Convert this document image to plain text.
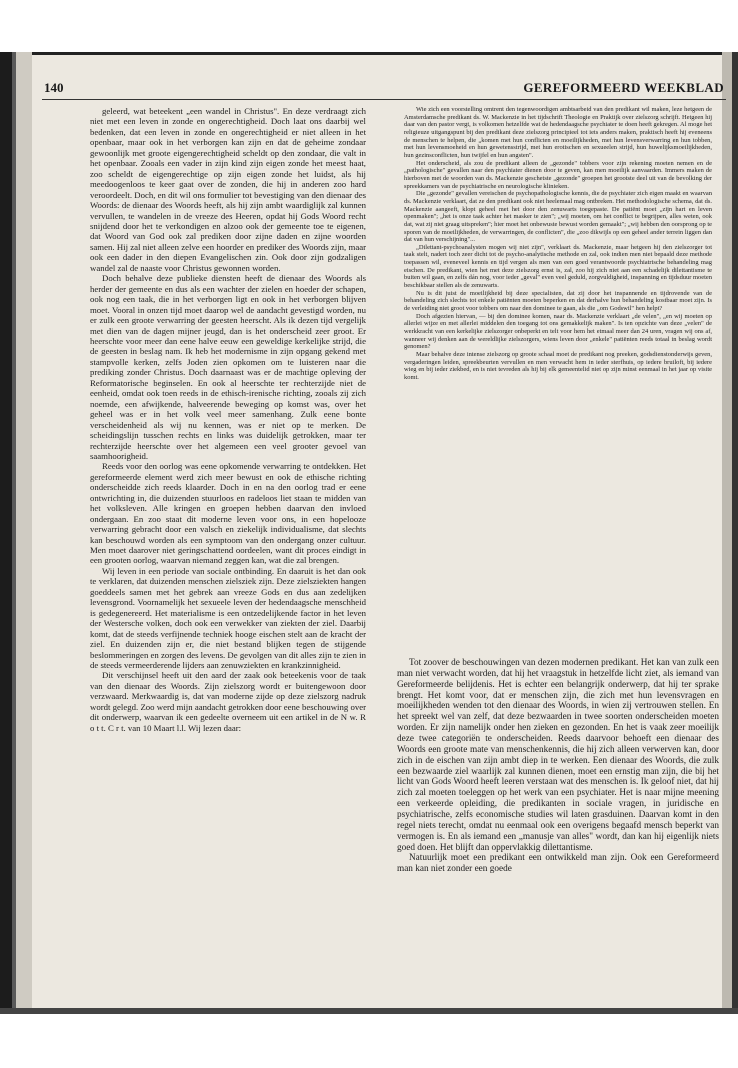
140	GEREFORMEERD WEEKBLAD

geleerd, wat beteekent „een wandel in Christus". En deze verdraagt zich niet met een leven in zonde en ongerechtigheid. Doch laat ons daarbij wel bedenken, dat een leven in zonde en ongerechtigheid er niet alleen in het openbaar, maar ook in het verborgen kan zijn en dat de geheime zondaar gewoonlijk met groote eigengerechtigheid scheldt op den zondaar, die valt in het openbaar. Zooals een vader in zijn kind zijn eigen zonde het meest haat, zoo scheldt de eigengerechtige op zijn eigen zonde het luidst, als hij meedoogenloos te keer gaat over de zonden, die hij in anderen zoo hard veroordeelt. Doch, en dit wil ons formulier tot bevestiging van den dienaar des Woords: de dienaar des Woords heeft, als hij zijn ambt waardiglijk zal kunnen vervullen, te wandelen in de vreeze des Heeren, opdat hij Gods Woord recht snijdend door het te verkondigen en alzoo ook der gemeente toe te eigenen, dat Woord van God ook zal prediken door zijne daden en zijne woorden samen. Hij zal niet alleen zelve een hoorder en prediker des Woords zijn, maar ook een dader in den diepen Evangelischen zin. Ook door zijn godzaligen wandel zal de naaste voor Christus gewonnen worden.

Doch behalve deze publieke diensten heeft de dienaar des Woords als herder der gemeente en dus als een wachter der zielen en hoeder der schapen, ook nog een taak, die in het verborgen ligt en ook in het verborgen blijven moet. Vooral in onzen tijd moet daarop wel de aandacht gevestigd worden, nu er zulk een groote verwarring der geesten heerscht. Als ik dezen tijd vergelijk met dien van de dagen mijner jeugd, dan is het onderscheid zeer groot. Er heerschte voor meer dan eene halve eeuw een geweldige kerkelijke strijd, die de geesten in beslag nam. Ik heb het modernisme in zijn opgang gekend met stampvolle kerken, zelfs Joden zien opkomen om te luisteren naar die prediking zonder Christus. Doch daarnaast was er de machtige opleving der Reformatorische beginselen. En ook al heerschte ter rechterzijde niet de eenheid, omdat ook toen reeds in de ethisch-irenische richting, zooals zij zich noemde, een afwijkende, halveerende beweging op komst was, over het geheel was er in het volk veel meer samenhang. Zulk eene bonte verscheidenheid als wij nu kennen, was er niet op te merken. De scheidingslijn tusschen rechts en links was duidelijk getrokken, maar ter rechterzijde heerschte over het algemeen een veel grooter gevoel van saamhoorigheid.

Reeds voor den oorlog was eene opkomende verwarring te ontdekken. Het gereformeerde element werd zich meer bewust en ook de ethische richting onderscheidde zich reeds klaarder. Doch in en na den oorlog trad er eene ontwrichting in, die duizenden stuurloos en radeloos liet staan te midden van het volksleven. Alle kringen en groepen hebben daarvan den invloed ondergaan. En zoo staat dit moderne leven voor ons, in een hopelooze verwarring gebracht door een valsch en ziekelijk individualisme, dat slechts kan beschouwd worden als een symptoom van den ondergang onzer cultuur. Men moet daarover niet geringschattend oordeelen, want dit proces eindigt in een grooten oorlog, waarvan niemand zeggen kan, wat die zal brengen.

Wij leven in een periode van sociale ontbinding. En daaruit is het dan ook te verklaren, dat duizenden menschen zielsziek zijn. Deze zielsziekten hangen goeddeels samen met het gebrek aan vreeze Gods en dus aan zedelijken levensgrond. Voornamelijk het sexueele leven der hedendaagsche menschheid is gedegenereerd. Het materialisme is een ontzedelijkende factor in het leven der Westersche volken, doch ook een verwekker van ziekten der ziel. Daarbij komt, dat de steeds verfijnende techniek hooge eischen stelt aan de kracht der ziel. En duizenden zijn er, die niet bestand blijken tegen de stijgende beslommeringen en zorgen des levens. De gevolgen van dit alles zijn te zien in de steeds vermeerderende lijders aan zenuwziekten en krankzinnigheid.

Dit verschijnsel heeft uit den aard der zaak ook beteekenis voor de taak van den dienaar des Woords. Zijn zielszorg wordt er buitengewoon door verzwaard. Merkwaardig is, dat van moderne zijde op deze zielszorg nadruk wordt gelegd. Zoo werd mijn aandacht getrokken door eene beschouwing over dit onderwerp, waarvan ik een gedeelte overneem uit een artikel in de N w. R o t t. C r t. van 10 Maart l.l. Wij lezen daar:

Wie zich een voorstelling omtrent den tegenwoordigen ambtsarbeid van den predikant wil maken, leze hetgeen de Amsterdamsche predikant ds. W. Mackenzie in het tijdschrift Theologie en Praktijk over zielszorg schrijft. Hetgeen hij daar van den pastor vergt, is volkomen hetzelfde wat de hedendaagsche psychiater te doen heeft gekregen. Al moge het religieuze uitgangspunt bij den predikant deze zielszorg principieel tot iets anders maken, praktisch heeft hij eveneens de menschen te helpen, die „komen met hun conflicten en moeilijkheden, met hun levensverwarring en hun tobben, met hun levensmoeheid en hun gewetensstrijd, met hun erotischen en sexueelen strijd, hun huwelijksmoeilijkheden, hun gezinsconflicten, hun twijfel en hun angsten".

Het onderscheid, als zou de predikant alleen de „gezonde" tobbers voor zijn rekening moeten nemen en de „pathologische" gevallen naar den psychiater dienen door te geven, kan men moeilijk aanvaarden. Immers maken de hierboven met de woorden van ds. Mackenzie geschetste „gezonde" groepen het grootste deel uit van de bevolking der spreekkamers van de psychiatrische en neurologische klinieken.

Die „gezonde" gevallen vereischen de psychopathologische kennis, die de psychiater zich eigen maakt en waarvan ds. Mackenzie verklaart, dat ze den predikant ook niet heelemaal mag ontbreken. Het methodologische schema, dat ds. Mackenzie aangeeft, klopt geheel met het door den zenuwarts toegepaste. De patiënt moet „zijn hart en leven openmaken"; „het is onze taak achter het masker te zien"; „wij moeten, om het conflict te begrijpen, alles weten, ook dat, wat zij niet graag uitspreken"; hier moet het onbewuste bewust worden gemaakt"; „wij hebben den oorsprong op te sporen van de moeilijkheden, de verwarringen, de conflicten", die „zoo dikwijls op een geheel ander terrein liggen dan dat van hun verschijning"...

„Dilettant-psychoanalysten mogen wij niet zijn", verklaart ds. Mackenzie, maar hetgeen hij den zielszorger tot taak stelt, nadert toch zeer dicht tot de psycho-analytische methode en zal, ook indien men niet bepaald deze methode toepassen wil, eveneveel kennis en tijd vergen als men van een goed verantwoorde psychiatrische behandeling mag eischen. De predikant, wien het met deze zielszorg ernst is, zal, zoo hij zich niet aan een schadelijk dilettantisme te buiten wil gaan, en zelfs dán nog, voor ieder „geval" even veel geduld, zorgvuldigheid, inspanning en tijdsduur moeten beschikbaar stellen als de zenuwarts.

Nu is dit juist de moeilijkheid bij deze specialisten, dat zij door het inspannende en tijdrovende van de behandeling zich slechts tot enkele patiënten moeten beperken en dat derhalve hun behandeling kostbaar moet zijn. Is de verleiding niet groot voor tobbers om naar den dominee te gaan, als die „om Godswil" hen helpt?

Doch afgezien hiervan, — bij den dominee komen, naar ds. Mackenzie verklaart „de velen", „en wij moeten op allerlei wijze en met allerlei middelen den toegang tot ons gemakkelijk maken". Is ten opzichte van deze „velen" de werkkracht van een kerkelijke zielszorger onbeperkt en telt voor hem het etmaal meer dan 24 uren, vragen wij ons af, wanneer wij denken aan de wereldlijke zielszorgers, wiens leven door „enkele" patiënten reeds totaal in beslag wordt genomen?

Maar behalve deze intense zielszorg op groote schaal moet de predikant nog preeken, godsdienstonderwijs geven, vergaderingen leiden, spreekbeurten vervullen en men verwacht hem in ieder sterfhuis, op iedere bruiloft, bij iedere wieg en bij ieder ziekbed, en is niet tevreden als hij bij elk gemeentelid niet op zijn minst eenmaal in het jaar op visite komt.

Tot zoover de beschouwingen van dezen modernen predikant. Het kan van zulk een man niet verwacht worden, dat hij het vraagstuk in hetzelfde licht ziet, als iemand van Gereformeerde belijdenis. Het is echter een belangrijk onderwerp, dat hij ter sprake brengt. Het komt voor, dat er menschen zijn, die zich met hun levensvragen en moeilijkheden wenden tot den dienaar des Woords, in wien zij vertrouwen stellen. En het spreekt wel van zelf, dat deze bezwaarden in twee soorten onderscheiden moeten worden. Er zijn namelijk onder hen zieken en gezonden. En het is vaak zeer moeilijk deze twee categoriën te onderscheiden. Reeds daarvoor behoeft een dienaar des Woords een groote mate van menschenkennis, die hij zich alleen verwerven kan, door zich in de eischen van zijn ambt diep in te werken. Een dienaar des Woords, die zulk een bezwaarde ziel waarlijk zal kunnen dienen, moet een ernstig man zijn, die bij het licht van Gods Woord heeft leeren verstaan wat des menschen is. Ik geloof niet, dat hij zich zal moeten toeleggen op het werk van een psychiater. Het is naar mijne meening een verkeerde opleiding, die predikanten in sociale vragen, in juridische en psychiatrische, zelfs economische studies wil laten grasduinen. Daarvan komt in den regel niets terecht, omdat nu eenmaal ook een overigens begaafd mensch beperkt van vermogen is. En als iemand een „manusje van alles" wordt, dan kan hij eigenlijk niets goed doen. Het blijft dan oppervlakkig dilettantisme.

Natuurlijk moet een predikant een ontwikkeld man zijn. Ook een Gereformeerd man kan niet zonder een goede
